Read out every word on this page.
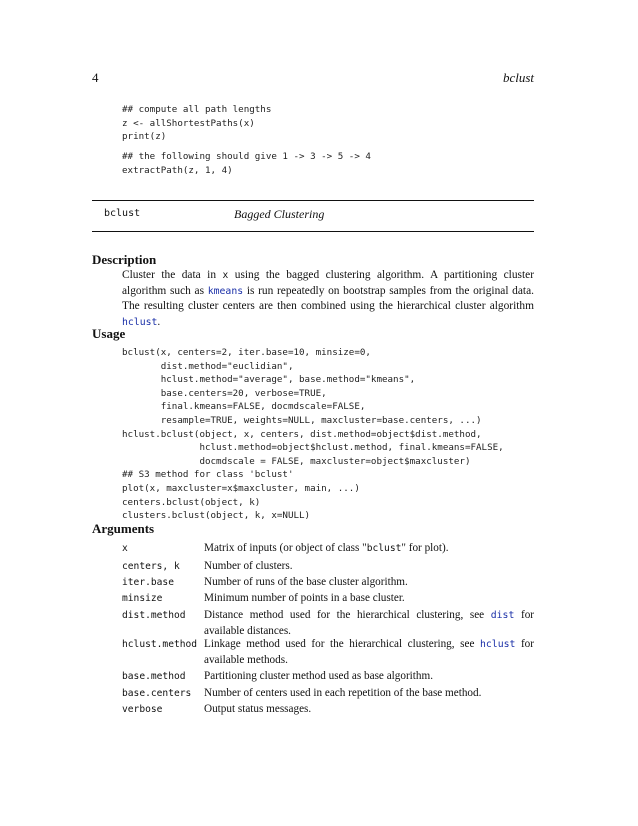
4	bclust
## compute all path lengths
z <- allShortestPaths(x)
print(z)
## the following should give 1 -> 3 -> 5 -> 4
extractPath(z, 1, 4)
bclust	Bagged Clustering
Description
Cluster the data in x using the bagged clustering algorithm. A partitioning cluster algorithm such as kmeans is run repeatedly on bootstrap samples from the original data. The resulting cluster centers are then combined using the hierarchical cluster algorithm hclust.
Usage
bclust(x, centers=2, iter.base=10, minsize=0,
dist.method="euclidian",
hclust.method="average", base.method="kmeans",
base.centers=20, verbose=TRUE,
final.kmeans=FALSE, docmdscale=FALSE,
resample=TRUE, weights=NULL, maxcluster=base.centers, ...)
hclust.bclust(object, x, centers, dist.method=object$dist.method,
hclust.method=object$hclust.method, final.kmeans=FALSE,
docmdscale = FALSE, maxcluster=object$maxcluster)
## S3 method for class 'bclust'
plot(x, maxcluster=x$maxcluster, main, ...)
centers.bclust(object, k)
clusters.bclust(object, k, x=NULL)
Arguments
x	Matrix of inputs (or object of class "bclust" for plot).
centers, k Number of clusters.
iter.base	Number of runs of the base cluster algorithm.
minsize	Minimum number of points in a base cluster.
dist.method Distance method used for the hierarchical clustering, see dist for available distances.
hclust.method Linkage method used for the hierarchical clustering, see hclust for available methods.
base.method Partitioning cluster method used as base algorithm.
base.centers Number of centers used in each repetition of the base method.
verbose	Output status messages.
